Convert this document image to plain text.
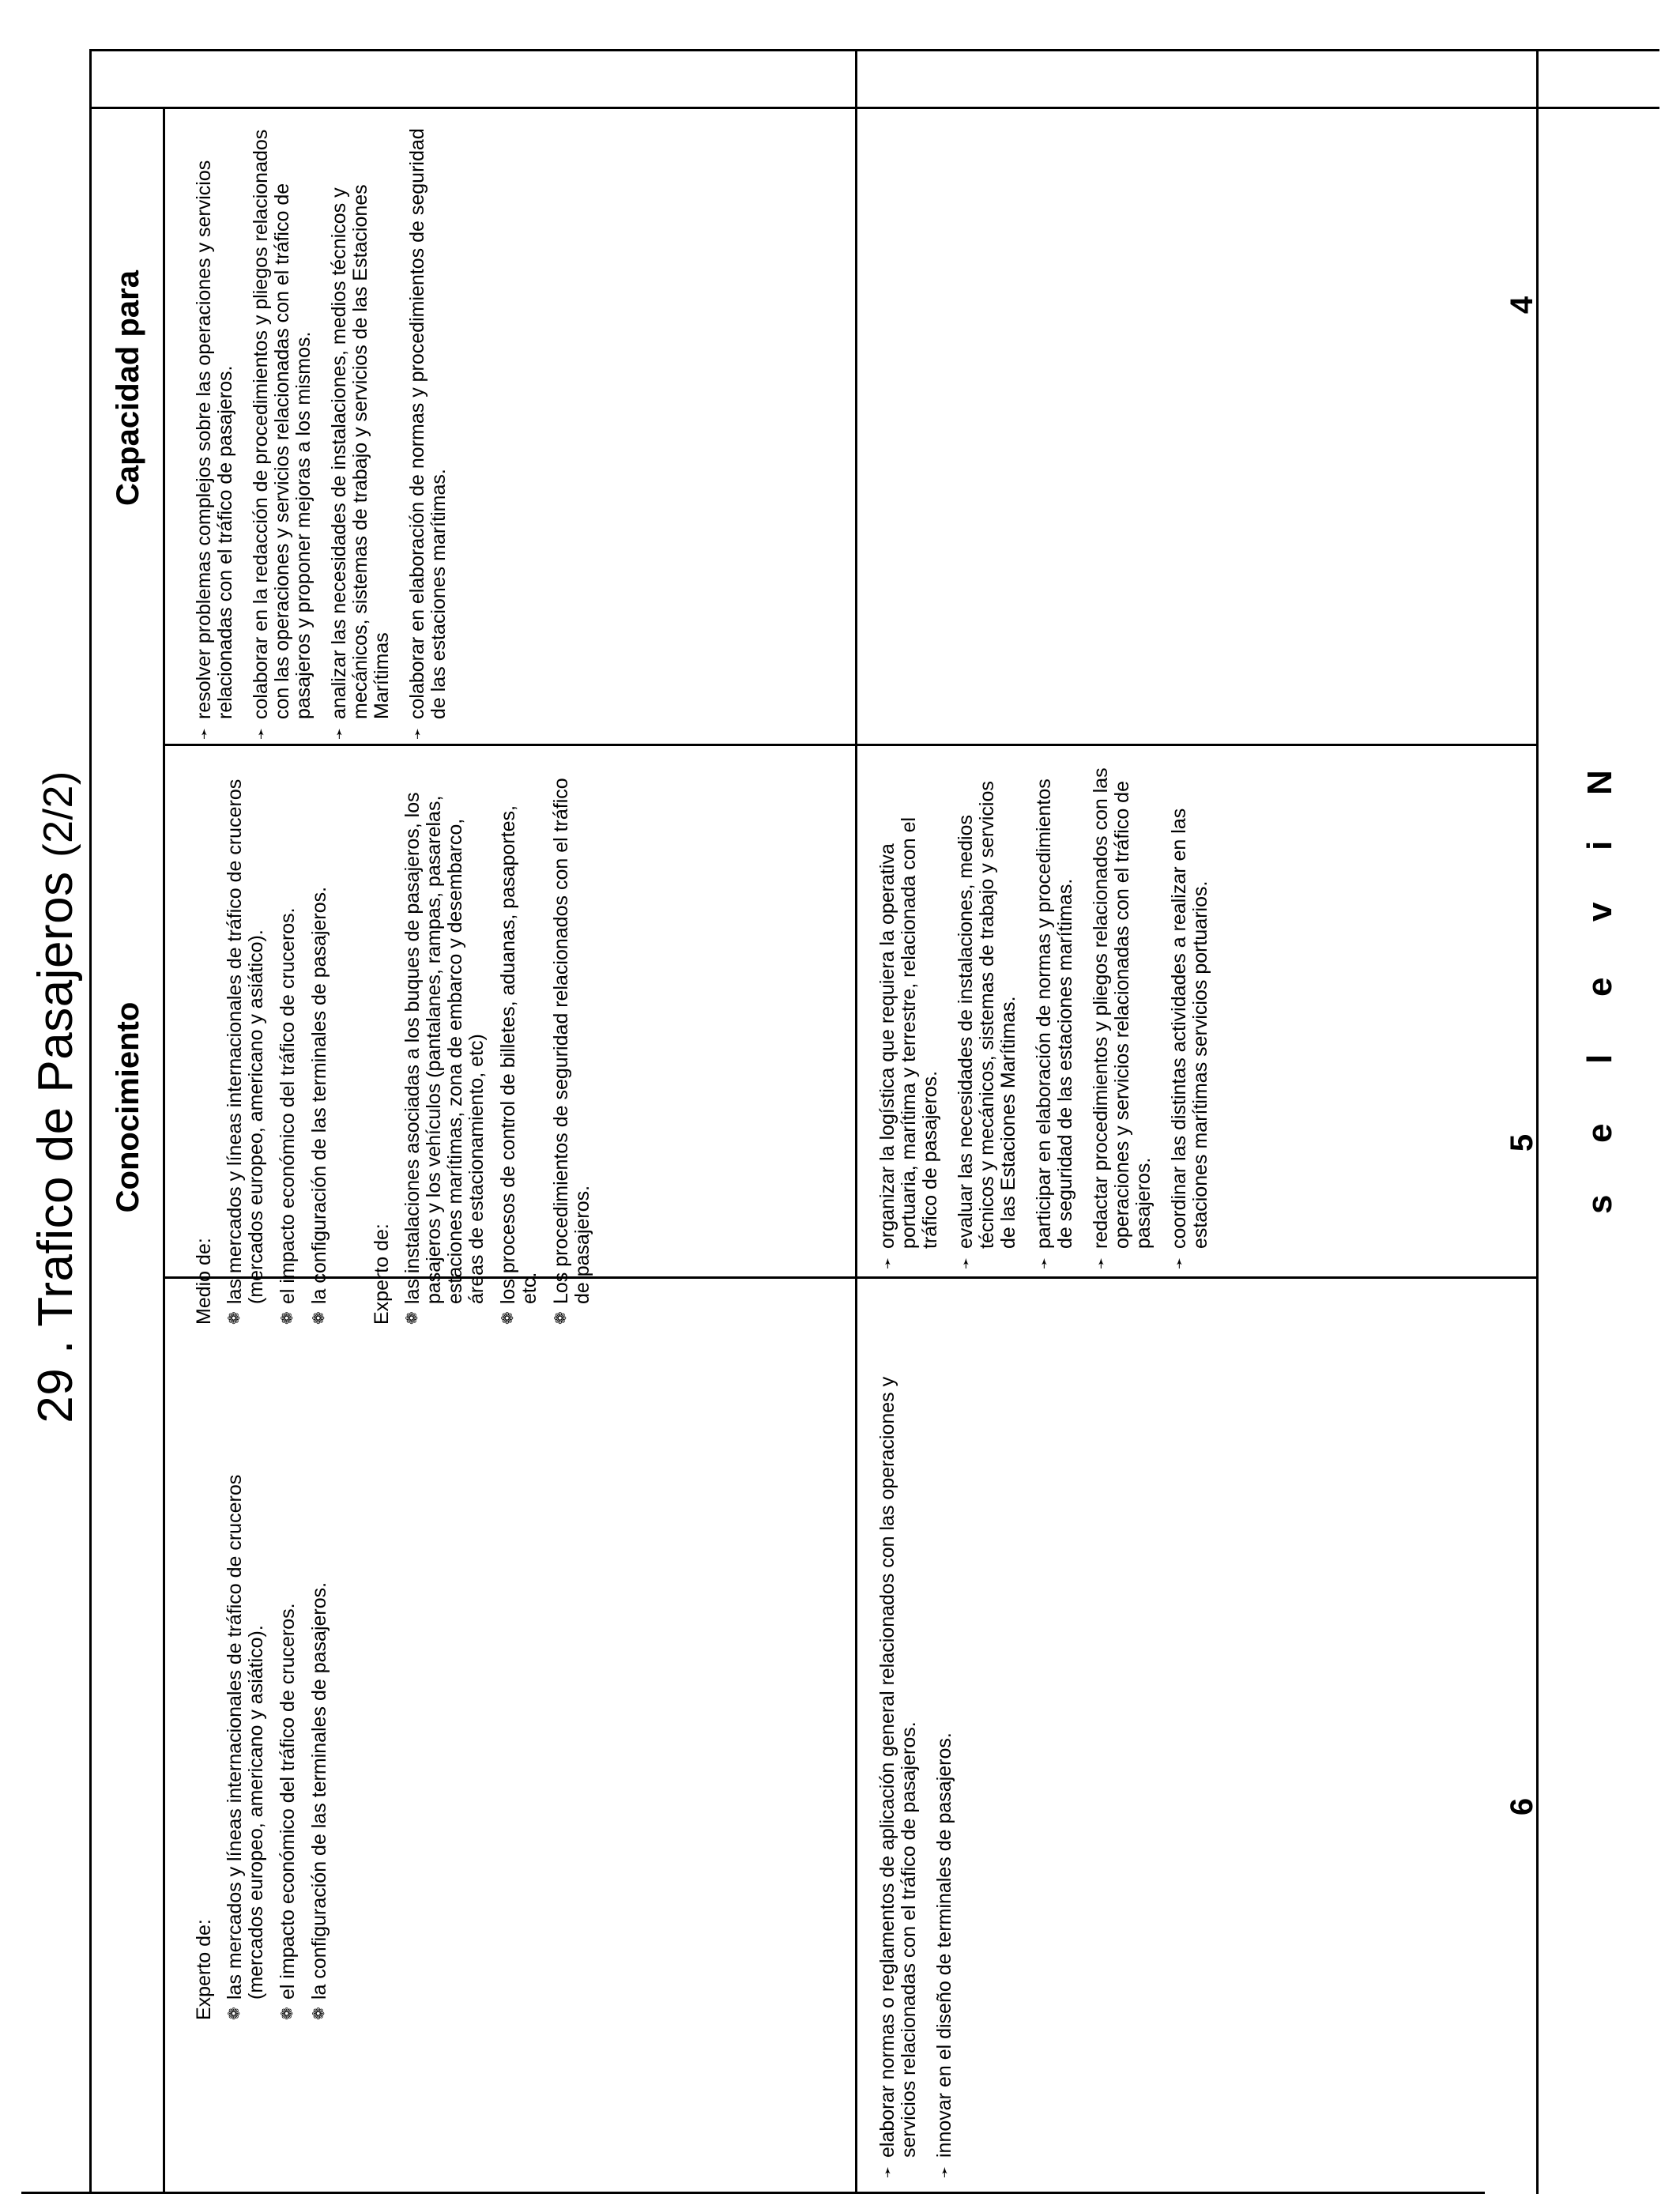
29 . Trafico de Pasajeros (2/2)
Conocimiento
Capacidad para	4
5
6
N
i
v
e
l
e
s
Medio de: ❁
las mercados y líneas internacionales de tráfico de cruceros (mercados europeo, americano y asiático).
❁
el impacto económico del tráfico de cruceros.
❁
la configuración de las terminales de pasajeros. Experto de: ❁
las instalaciones asociadas a los buques de pasajeros, los pasajeros y los vehículos (pantalanes, rampas, pasarelas, estaciones marítimas, zona de embarco y desembarco, áreas de estacionamiento, etc)
❁
los procesos de control de billetes, aduanas, pasaportes, etc.
❁
Los procedimientos de seguridad relacionados con el tráfico de pasajeros.
➛
resolver problemas complejos sobre las operaciones y servicios relacionadas con el tráfico de pasajeros.
➛
colaborar en la redacción de procedimientos y pliegos relacionados con las operaciones y servicios relacionadas con el tráfico de pasajeros y proponer mejoras a los mismos.
➛
analizar las necesidades de instalaciones, medios técnicos y mecánicos, sistemas de trabajo y servicios de las Estaciones Marítimas
➛
colaborar en elaboración de normas y procedimientos de seguridad de las estaciones marítimas.
Experto de: ❁
las mercados y líneas internacionales de tráfico de cruceros (mercados europeo, americano y asiático).
❁
el impacto económico del tráfico de cruceros.
❁
la configuración de las terminales de pasajeros.
➛
organizar la logística que requiera la operativa portuaria, marítima y terrestre, relacionada con el tráfico de pasajeros.
➛
evaluar las necesidades de instalaciones, medios técnicos y mecánicos, sistemas de trabajo y servicios de las Estaciones Marítimas.
➛
participar en elaboración de normas y procedimientos de seguridad de las estaciones marítimas.
➛
redactar procedimientos y pliegos relacionados con las operaciones y servicios relacionadas con el tráfico de pasajeros.
➛
coordinar las distintas actividades a realizar en las estaciones marítimas servicios portuarios.
➛
elaborar normas o reglamentos de aplicación general relacionados con las operaciones y servicios relacionadas con el tráfico de pasajeros.
➛
innovar en el diseño de terminales de pasajeros.
